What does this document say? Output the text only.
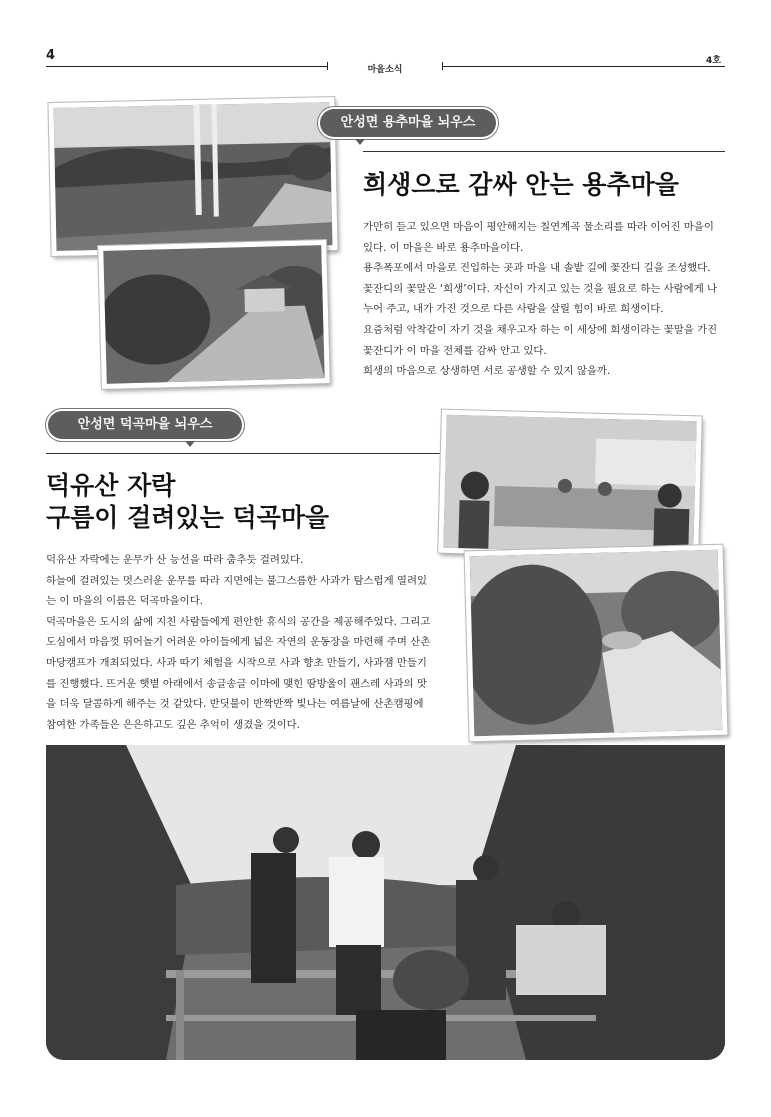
4
마을소식
4호
안성면 용추마을 뇌우스
희생으로 감싸 안는 용추마을

가만히 듣고 있으면 마음이 평안해지는 칠연계곡 물소리를 따라 이어진 마을이

있다. 이 마을은 바로 용추마을이다.

용추폭포에서 마을로 진입하는 곳과 마을 내 솔밭 길에 꽃잔디 길을 조성했다.

꽃잔디의 꽃말은 ‘희생’이다. 자신이 가지고 있는 것을 필요로 하는 사람에게 나

누어 주고, 내가 가진 것으로 다른 사람을 살릴 힘이 바로 희생이다.

요즘처럼 악착같이 자기 것을 채우고자 하는 이 세상에 희생이라는 꽃말을 가진

꽃잔디가 이 마을 전체를 감싸 안고 있다.

희생의 마음으로 상생하면 서로 공생할 수 있지 않을까.

안성면 덕곡마을 뇌우스
덕유산 자락
구름이 걸려있는 덕곡마을

덕유산 자락에는 운무가 산 능선을 따라 춤추듯 걸려있다.

하늘에 걸려있는 멋스러운 운무를 따라 지면에는 불그스름한 사과가 탐스럽게 열려있

는 이 마을의 이름은 덕곡마을이다.

덕곡마을은 도시의 삶에 지친 사람들에게 편안한 휴식의 공간을 제공해주었다. 그리고

도심에서 마음껏 뛰어놀기 어려운 아이들에게 넓은 자연의 운동장을 마련해 주며 산촌

마당캠프가 개최되었다. 사과 따기 체험을 시작으로 사과 향초 만들기, 사과잼 만들기

를 진행했다. 뜨거운 햇볕 아래에서 송글송글 이마에 맺힌 땀방울이 괜스레 사과의 맛

을 더욱 달콤하게 해주는 것 같았다. 반딧불이 반짝반짝 빛나는 여름날에 산촌캠핑에

참여한 가족들은 은은하고도 깊은 추억이 생겼을 것이다.
